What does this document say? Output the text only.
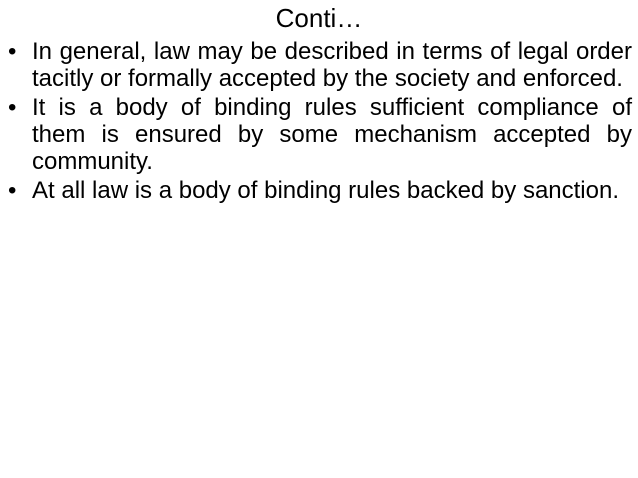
Conti…
• In general, law may be described in terms of legal order tacitly or formally accepted by the society and enforced.
• It is a body of binding rules sufficient compliance of them is ensured by some mechanism accepted by community.
• At all law is a body of binding rules backed by sanction.
